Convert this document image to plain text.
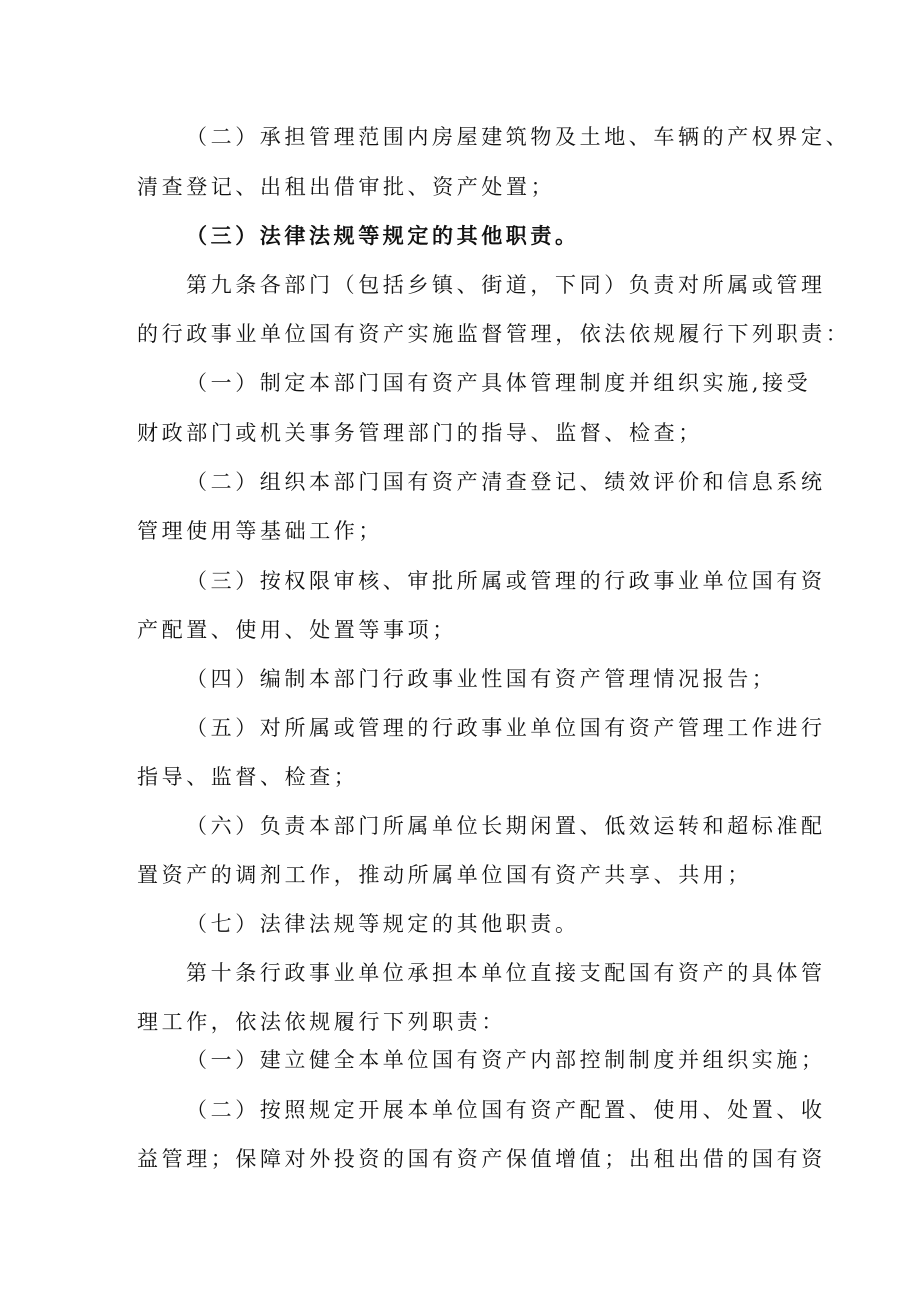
（二）承担管理范围内房屋建筑物及土地、车辆的产权界定、
清查登记、出租出借审批、资产处置；
（三）法律法规等规定的其他职责。
第九条各部门（包括乡镇、街道，下同）负责对所属或管理
的行政事业单位国有资产实施监督管理，依法依规履行下列职责：
（一）制定本部门国有资产具体管理制度并组织实施,接受
财政部门或机关事务管理部门的指导、监督、检查；
（二）组织本部门国有资产清查登记、绩效评价和信息系统
管理使用等基础工作；
（三）按权限审核、审批所属或管理的行政事业单位国有资
产配置、使用、处置等事项；
（四）编制本部门行政事业性国有资产管理情况报告；
（五）对所属或管理的行政事业单位国有资产管理工作进行
指导、监督、检查；
（六）负责本部门所属单位长期闲置、低效运转和超标准配
置资产的调剂工作，推动所属单位国有资产共享、共用；
（七）法律法规等规定的其他职责。
第十条行政事业单位承担本单位直接支配国有资产的具体管
理工作，依法依规履行下列职责：
（一）建立健全本单位国有资产内部控制制度并组织实施；
（二）按照规定开展本单位国有资产配置、使用、处置、收
益管理；保障对外投资的国有资产保值增值；出租出借的国有资
